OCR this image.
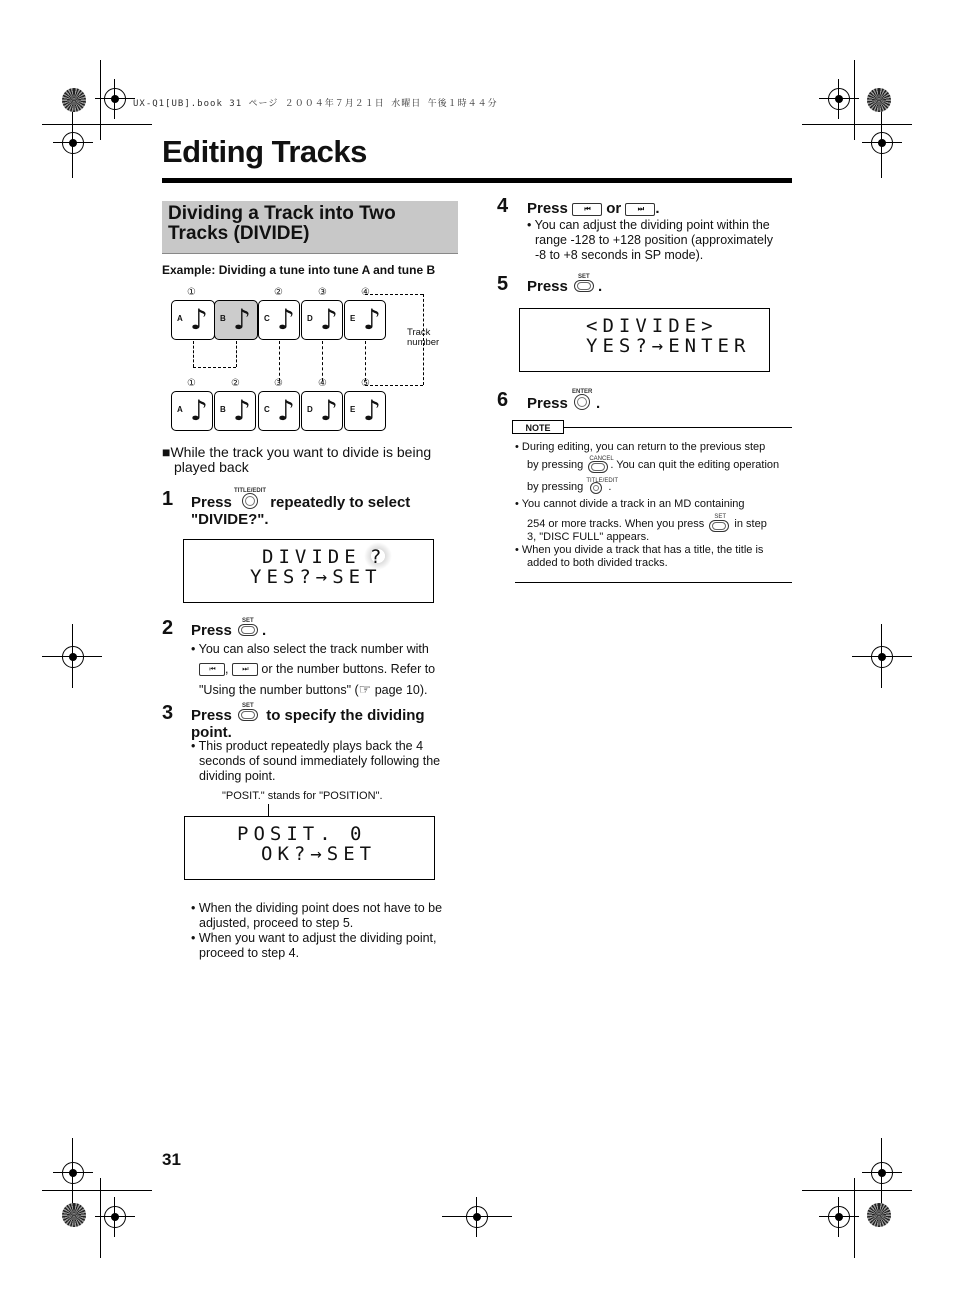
UX-Q1[UB].book 31 ページ ２００４年７月２１日 水曜日 午後１時４４分
Editing Tracks
Dividing a Track into Two
Tracks (DIVIDE)
Example: Dividing a tune into tune A and tune B
①	②	③	④
A ♪ B ♪ C ♪ D ♪ E ♪	Track
number
①	②	③	④	⑤
A ♪ B ♪ C ♪ D ♪ E ♪
■While the track you want to divide is being
played back
1 Press
TITLE/EDIT
repeatedly to select
"DIVIDE?".
DIVIDE ?
YES?→SET
2 Press
SET
.
• You can also select the track number with
⏮ , ⏭ or the number buttons. Refer to
"Using the number buttons" (☞ page 10).
3 Press
SET
to specify the dividing
point.
• This product repeatedly plays back the 4
seconds of sound immediately following the
dividing point.
"POSIT." stands for "POSITION".
POSIT. 0
OK?→SET
• When the dividing point does not have to be
adjusted, proceed to step 5.
• When you want to adjust the dividing point,
proceed to step 4.
4 Press ⏮ or ⏭ .
• You can adjust the dividing point within the
range -128 to +128 position (approximately
-8 to +8 seconds in SP mode).
5 Press
SET
.
<DIVIDE>
YES?→ENTER
6 Press
ENTER
.
NOTE
• During editing, you can return to the previous step
by pressing CANCEL
. You can quit the editing operation
by pressing TITLE/EDIT
.
• You cannot divide a track in an MD containing
254 or more tracks. When you press
SET
in step
3, "DISC FULL" appears.
• When you divide a track that has a title, the title is
added to both divided tracks.
31
